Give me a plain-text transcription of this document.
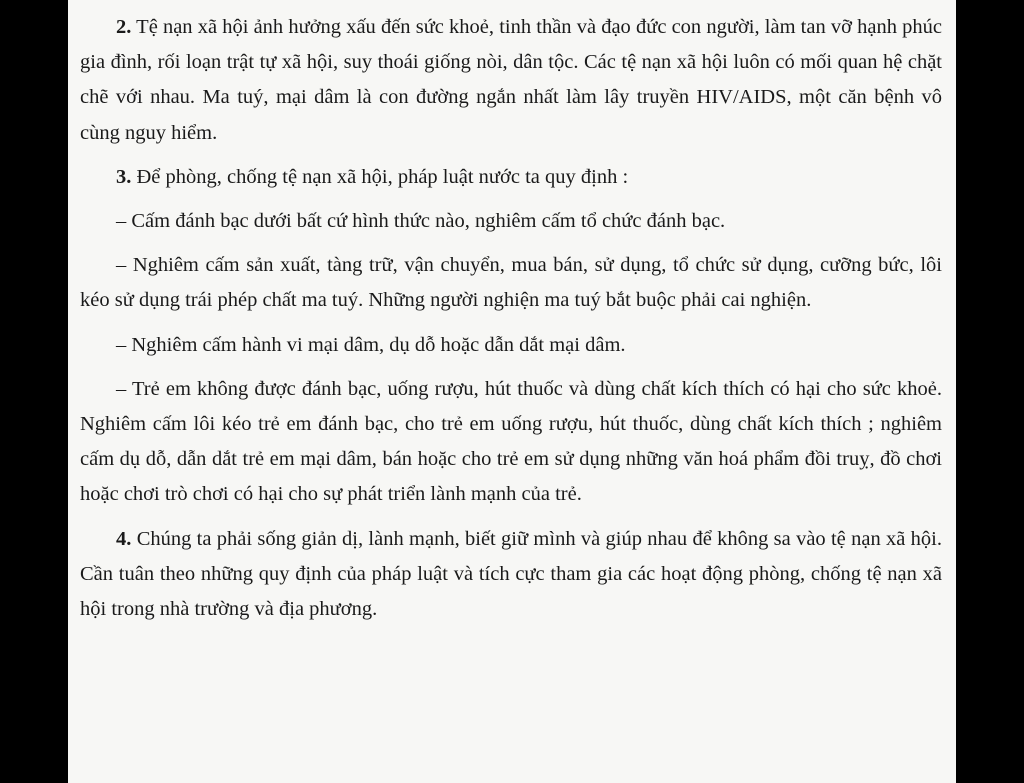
2. Tệ nạn xã hội ảnh hưởng xấu đến sức khoẻ, tinh thần và đạo đức con người, làm tan vỡ hạnh phúc gia đình, rối loạn trật tự xã hội, suy thoái giống nòi, dân tộc. Các tệ nạn xã hội luôn có mối quan hệ chặt chẽ với nhau. Ma tuý, mại dâm là con đường ngắn nhất làm lây truyền HIV/AIDS, một căn bệnh vô cùng nguy hiểm.

3. Để phòng, chống tệ nạn xã hội, pháp luật nước ta quy định :

– Cấm đánh bạc dưới bất cứ hình thức nào, nghiêm cấm tổ chức đánh bạc.

– Nghiêm cấm sản xuất, tàng trữ, vận chuyển, mua bán, sử dụng, tổ chức sử dụng, cưỡng bức, lôi kéo sử dụng trái phép chất ma tuý. Những người nghiện ma tuý bắt buộc phải cai nghiện.

– Nghiêm cấm hành vi mại dâm, dụ dỗ hoặc dẫn dắt mại dâm.

– Trẻ em không được đánh bạc, uống rượu, hút thuốc và dùng chất kích thích có hại cho sức khoẻ. Nghiêm cấm lôi kéo trẻ em đánh bạc, cho trẻ em uống rượu, hút thuốc, dùng chất kích thích ; nghiêm cấm dụ dỗ, dẫn dắt trẻ em mại dâm, bán hoặc cho trẻ em sử dụng những văn hoá phẩm đồi truỵ, đồ chơi hoặc chơi trò chơi có hại cho sự phát triển lành mạnh của trẻ.

4. Chúng ta phải sống giản dị, lành mạnh, biết giữ mình và giúp nhau để không sa vào tệ nạn xã hội. Cần tuân theo những quy định của pháp luật và tích cực tham gia các hoạt động phòng, chống tệ nạn xã hội trong nhà trường và địa phương.
